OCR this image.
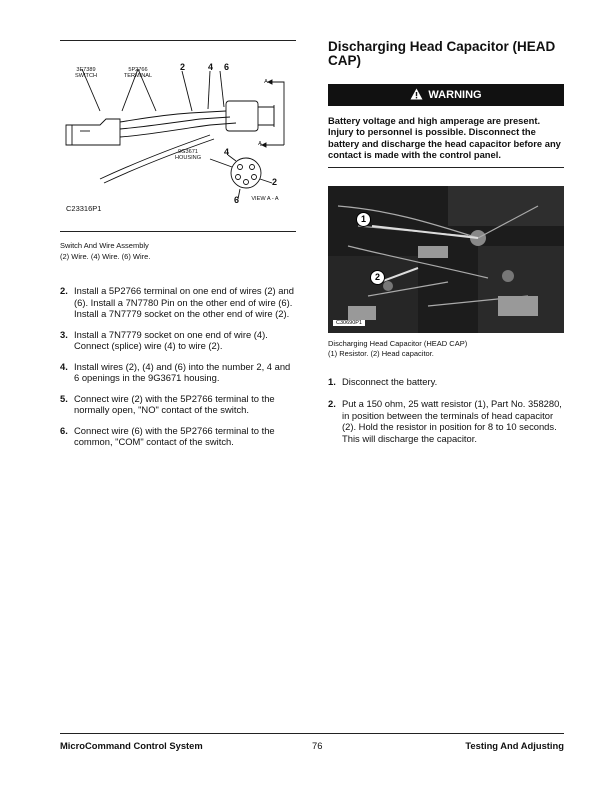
3E7389
SWITCH
5P2766
TERMINAL
9G3671
HOUSING
VIEW A - A
A
A
2	4 6
4
2
6
C23316P1
Switch And Wire Assembly
(2) Wire. (4) Wire. (6) Wire.
2. Install a 5P2766 terminal on one end of wires (2) and (6). Install a 7N7780 Pin on the other end of wire (6). Install a 7N7779 socket on the other end of wire (2).
3. Install a 7N7779 socket on one end of wire (4). Connect (splice) wire (4) to wire (2).
4. Install wires (2), (4) and (6) into the number 2, 4 and 6 openings in the 9G3671 housing.
5. Connect wire (2) with the 5P2766 terminal to the normally open, "NO" contact of the switch.
6. Connect wire (6) with the 5P2766 terminal to the common, "COM" contact of the switch.
Discharging Head Capacitor (HEAD CAP)
WARNING
Battery voltage and high amperage are present. Injury to personnel is possible. Disconnect the battery and discharge the head capacitor before any contact is made with the control panel.
1
2
C30690P1
Discharging Head Capacitor (HEAD CAP)
(1) Resistor. (2) Head capacitor.
1. Disconnect the battery.
2. Put a 150 ohm, 25 watt resistor (1), Part No. 358280, in position between the terminals of head capacitor (2). Hold the resistor in position for 8 to 10 seconds. This will discharge the capacitor.
MicroCommand Control System	76	Testing And Adjusting
